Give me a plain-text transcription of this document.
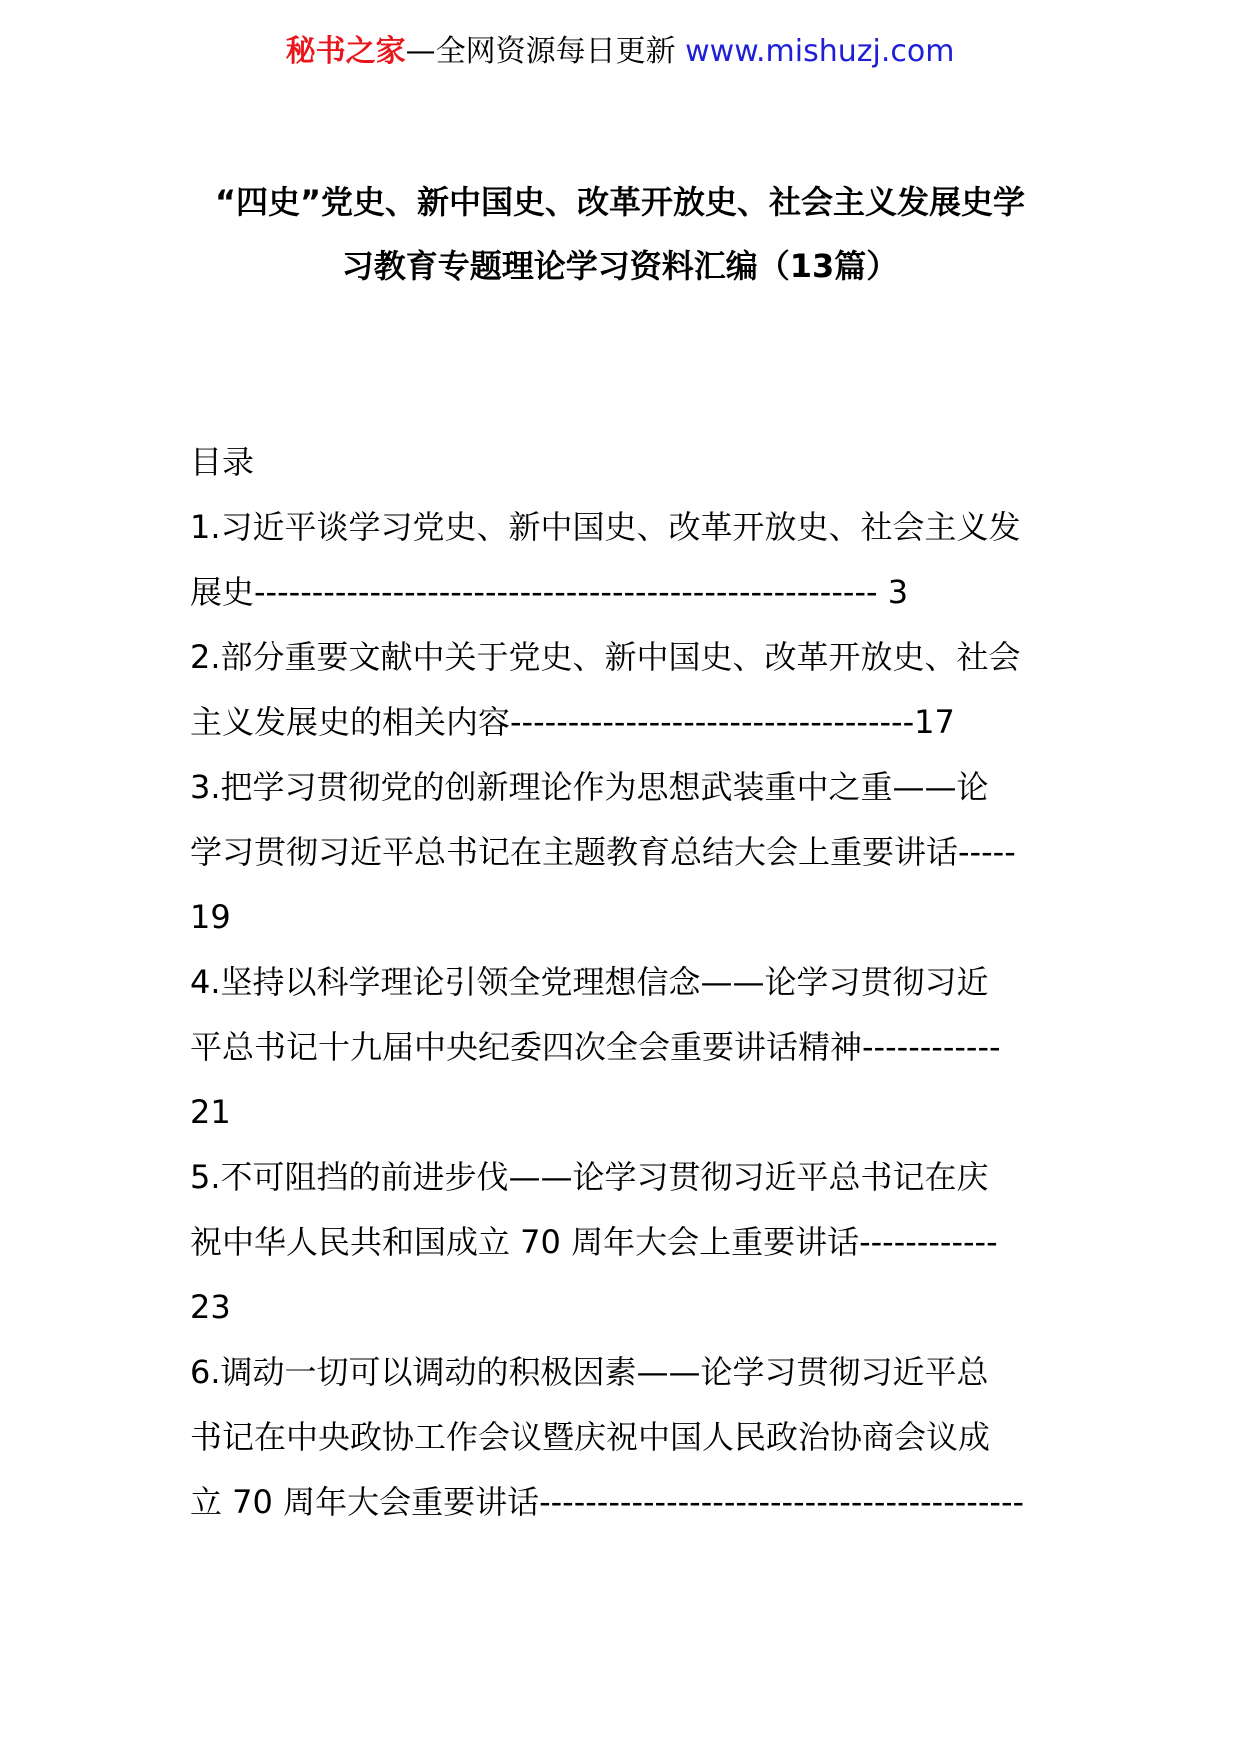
秘书之家—全网资源每日更新 www.mishuzj.com
“四史”党史、新中国史、改革开放史、社会主义发展史学
习教育专题理论学习资料汇编（13篇）
目录
1.习近平谈学习党史、新中国史、改革开放史、社会主义发
展史------------------------------------------------------ 3
2.部分重要文献中关于党史、新中国史、改革开放史、社会
主义发展史的相关内容-----------------------------------17
3.把学习贯彻党的创新理论作为思想武装重中之重——论
学习贯彻习近平总书记在主题教育总结大会上重要讲话-----
19
4.坚持以科学理论引领全党理想信念——论学习贯彻习近
平总书记十九届中央纪委四次全会重要讲话精神------------
21
5.不可阻挡的前进步伐——论学习贯彻习近平总书记在庆
祝中华人民共和国成立 70 周年大会上重要讲话------------
23
6.调动一切可以调动的积极因素——论学习贯彻习近平总
书记在中央政协工作会议暨庆祝中国人民政治协商会议成
立 70 周年大会重要讲话------------------------------------------
